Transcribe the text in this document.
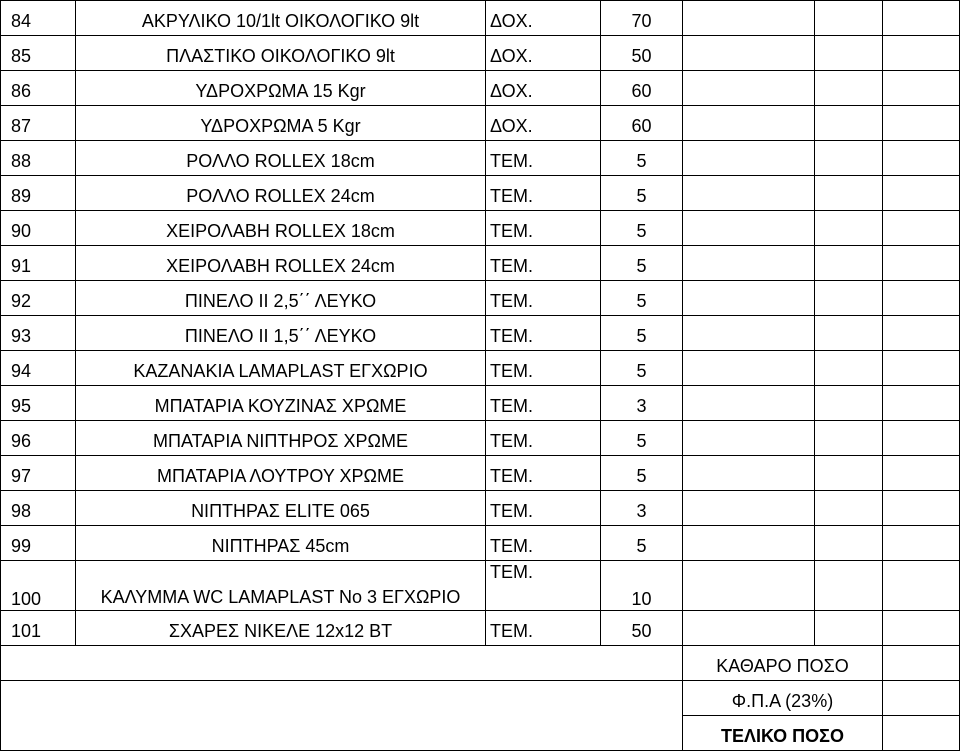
84	ΑΚΡΥΛΙΚΟ 10/1lt ΟΙΚΟΛΟΓΙΚΟ 9lt	ΔΟΧ.	70			
85	ΠΛΑΣΤΙΚΟ ΟΙΚΟΛΟΓΙΚΟ 9lt	ΔΟΧ.	50			
86	ΥΔΡΟΧΡΩΜΑ 15 Kgr	ΔΟΧ.	60			
87	ΥΔΡΟΧΡΩΜΑ 5 Kgr	ΔΟΧ.	60			
88	ΡΟΛΛΟ ROLLEX 18cm	ΤΕΜ.	5			
89	ΡΟΛΛΟ ROLLEX 24cm	ΤΕΜ.	5			
90	ΧΕΙΡΟΛΑΒΗ ROLLEX 18cm	ΤΕΜ.	5			
91	ΧΕΙΡΟΛΑΒΗ ROLLEX 24cm	ΤΕΜ.	5			
92	ΠΙΝΕΛΟ ΙΙ 2,5΄΄ ΛΕΥΚΟ	ΤΕΜ.	5			
93	ΠΙΝΕΛΟ ΙΙ 1,5΄΄ ΛΕΥΚΟ	ΤΕΜ.	5			
94	ΚΑΖΑΝΑΚΙΑ LAMAPLAST ΕΓΧΩΡΙΟ	ΤΕΜ.	5			
95	ΜΠΑΤΑΡΙΑ ΚΟΥΖΙΝΑΣ ΧΡΩΜΕ	ΤΕΜ.	3			
96	ΜΠΑΤΑΡΙΑ ΝΙΠΤΗΡΟΣ ΧΡΩΜΕ	ΤΕΜ.	5			
97	ΜΠΑΤΑΡΙΑ ΛΟΥΤΡΟΥ ΧΡΩΜΕ	ΤΕΜ.	5			
98	ΝΙΠΤΗΡΑΣ ELITE 065	ΤΕΜ.	3			
99	ΝΙΠΤΗΡΑΣ 45cm	ΤΕΜ.	5			
100	ΚΑΛΥΜΜΑ WC LAMAPLAST No 3 ΕΓΧΩΡΙΟ	ΤΕΜ.	10			
101	ΣΧΑΡΕΣ ΝΙΚΕΛΕ 12x12 ΒΤ	ΤΕΜ.	50			
				ΚΑΘΑΡΟ ΠΟΣΟ		
				Φ.Π.Α (23%)		
				ΤΕΛΙΚΟ ΠΟΣΟ		
